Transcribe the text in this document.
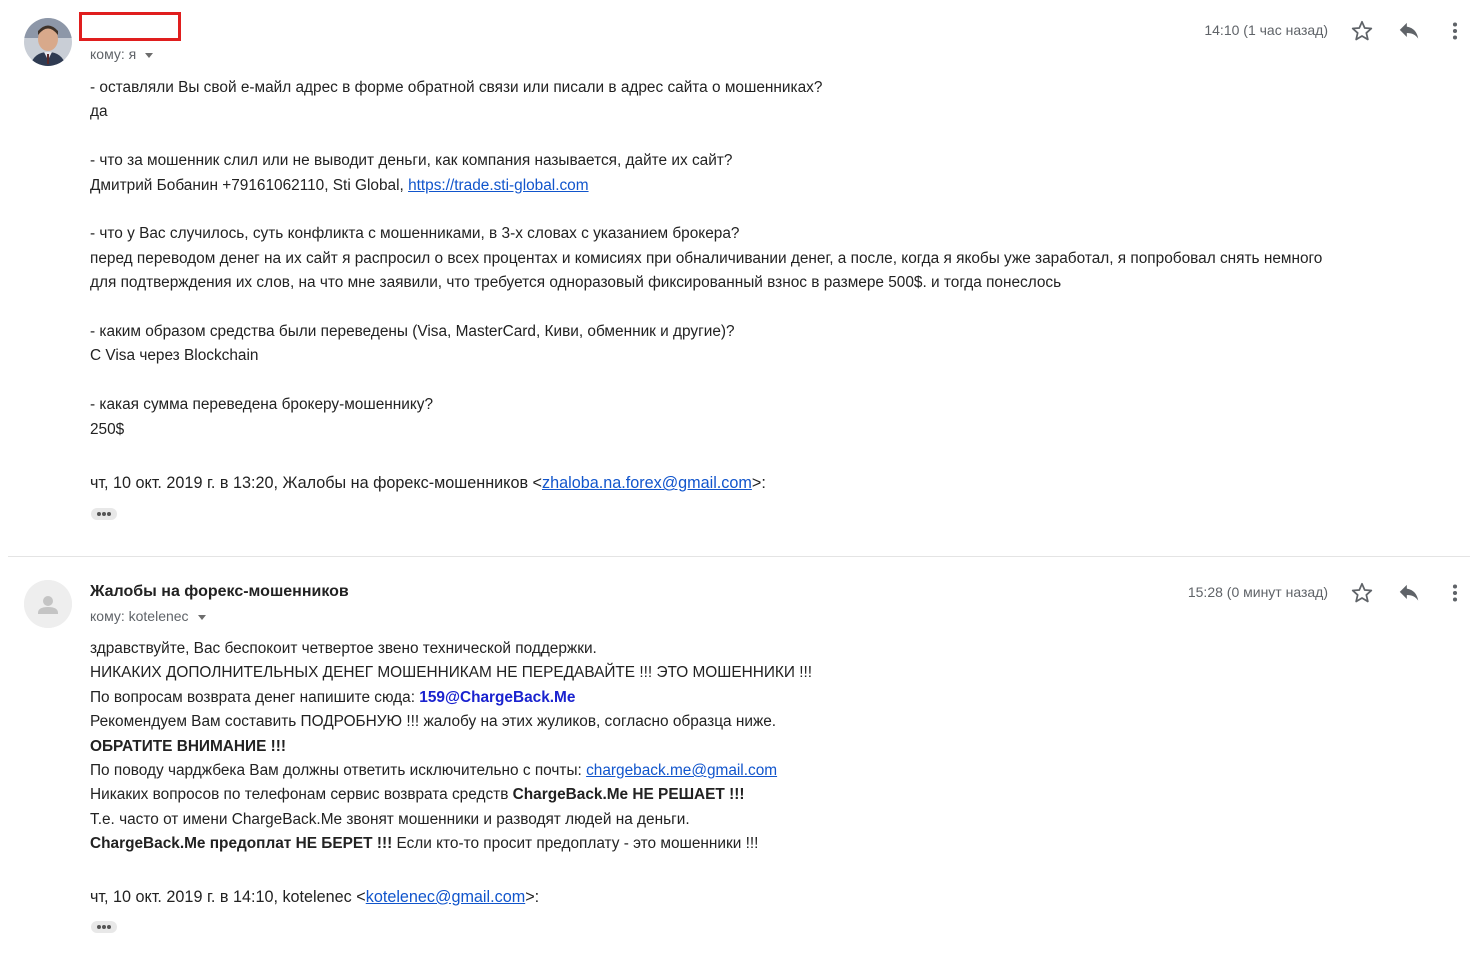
кому: я
14:10 (1 час назад)

- оставляли Вы свой е-майл адрес в форме обратной связи или писали в адрес сайта о мошенниках?

да

- что за мошенник слил или не выводит деньги, как компания называется, дайте их сайт?

Дмитрий Бобанин +79161062110, Sti Global, https://trade.sti-global.com

- что у Вас случилось, суть конфликта с мошенниками, в 3-х словах с указанием брокера?

перед переводом денег на их сайт я распросил о всех процентах и комисиях при обналичивании денег, а после, когда я якобы уже заработал, я попробовал снять немного

для подтверждения их слов, на что мне заявили, что требуется одноразовый фиксированный взнос в размере 500$. и тогда понеслось

- каким образом средства были переведены (Visa, MasterCard, Киви, обменник и другие)?

С Visa через Blockchain

- какая сумма переведена брокеру-мошеннику?

250$

чт, 10 окт. 2019 г. в 13:20, Жалобы на форекс-мошенников <zhaloba.na.forex@gmail.com>:

Жалобы на форекс-мошенников
кому: kotelenec
15:28 (0 минут назад)

здравствуйте, Вас беспокоит четвертое звено технической поддержки.

НИКАКИХ ДОПОЛНИТЕЛЬНЫХ ДЕНЕГ МОШЕННИКАМ НЕ ПЕРЕДАВАЙТЕ !!! ЭТО МОШЕННИКИ !!!

По вопросам возврата денег напишите сюда: 159@ChargeBack.Me

Рекомендуем Вам составить ПОДРОБНУЮ !!! жалобу на этих жуликов, согласно образца ниже.

ОБРАТИТЕ ВНИМАНИЕ !!!

По поводу чарджбека Вам должны ответить исключительно с почты: chargeback.me@gmail.com

Никаких вопросов по телефонам сервис возврата средств ChargeBack.Me НЕ РЕШАЕТ !!!

Т.е. часто от имени ChargeBack.Me звонят мошенники и разводят людей на деньги.

ChargeBack.Me предоплат НЕ БЕРЕТ !!! Если кто-то просит предоплату - это мошенники !!!

чт, 10 окт. 2019 г. в 14:10, kotelenec <kotelenec@gmail.com>:
